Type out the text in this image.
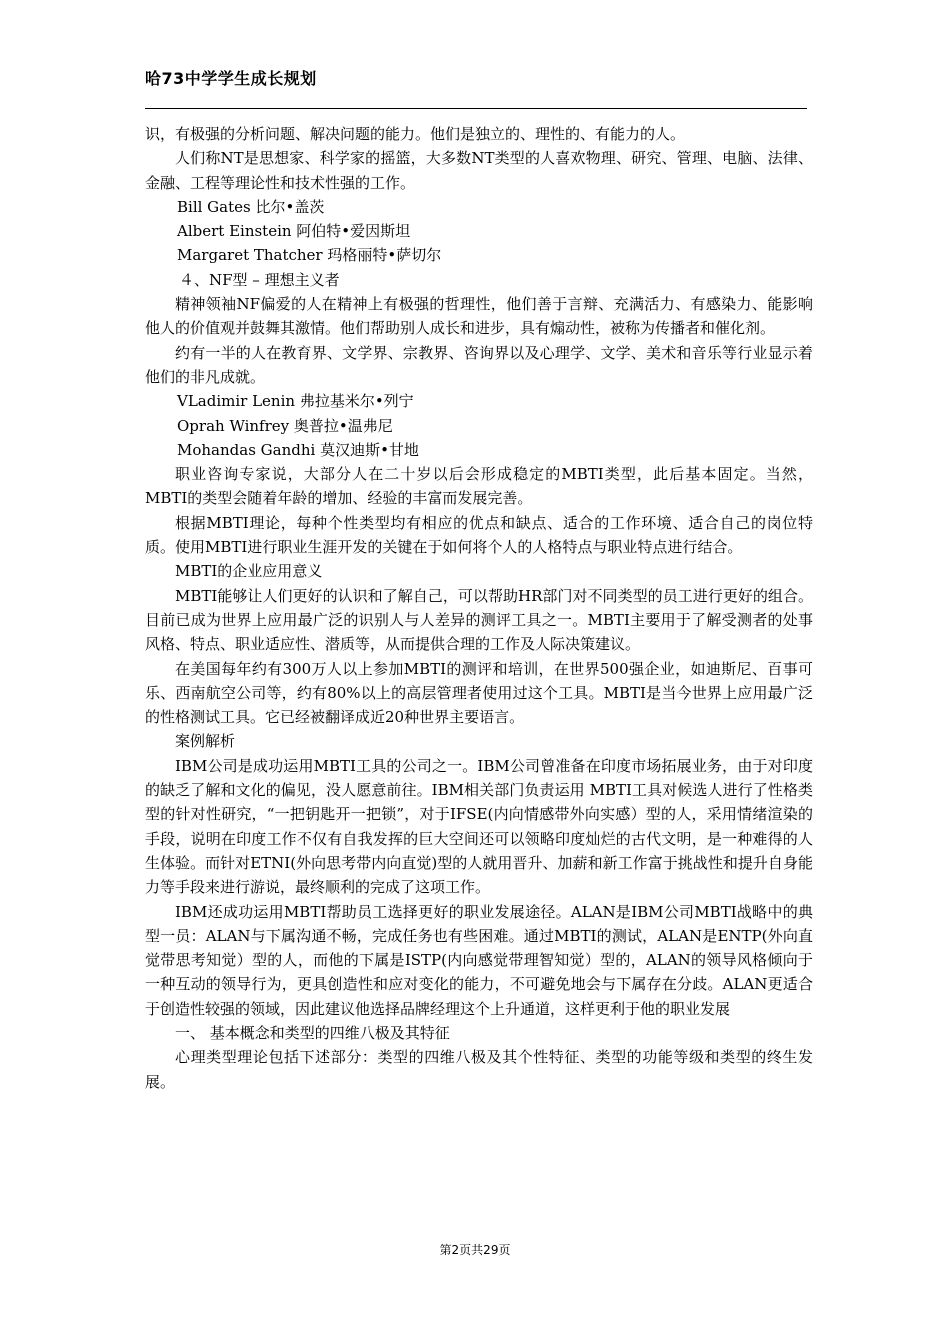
哈73中学学生成长规划

识，有极强的分析问题、解决问题的能力。他们是独立的、理性的、有能力的人。

人们称NT是思想家、科学家的摇篮，大多数NT类型的人喜欢物理、研究、管理、电脑、法律、金融、工程等理论性和技术性强的工作。

Bill Gates 比尔•盖茨

Albert Einstein 阿伯特•爱因斯坦

Margaret Thatcher 玛格丽特•萨切尔

４、NF型 – 理想主义者

精神领袖NF偏爱的人在精神上有极强的哲理性，他们善于言辩、充满活力、有感染力、能影响他人的价值观并鼓舞其激情。他们帮助别人成长和进步，具有煽动性，被称为传播者和催化剂。

约有一半的人在教育界、文学界、宗教界、咨询界以及心理学、文学、美术和音乐等行业显示着他们的非凡成就。

VLadimir Lenin 弗拉基米尔•列宁

Oprah Winfrey 奥普拉•温弗尼

Mohandas Gandhi 莫汉迪斯•甘地

职业咨询专家说，大部分人在二十岁以后会形成稳定的MBTI类型，此后基本固定。当然，MBTI的类型会随着年龄的增加、经验的丰富而发展完善。

根据MBTI理论，每种个性类型均有相应的优点和缺点、适合的工作环境、适合自己的岗位特质。使用MBTI进行职业生涯开发的关键在于如何将个人的人格特点与职业特点进行结合。

MBTI的企业应用意义

MBTI能够让人们更好的认识和了解自己，可以帮助HR部门对不同类型的员工进行更好的组合。目前已成为世界上应用最广泛的识别人与人差异的测评工具之一。MBTI主要用于了解受测者的处事风格、特点、职业适应性、潜质等，从而提供合理的工作及人际决策建议。

在美国每年约有300万人以上参加MBTI的测评和培训，在世界500强企业，如迪斯尼、百事可乐、西南航空公司等，约有80%以上的高层管理者使用过这个工具。MBTI是当今世界上应用最广泛的性格测试工具。它已经被翻译成近20种世界主要语言。

案例解析

IBM公司是成功运用MBTI工具的公司之一。IBM公司曾准备在印度市场拓展业务，由于对印度的缺乏了解和文化的偏见，没人愿意前往。IBM相关部门负责运用 MBTI工具对候选人进行了性格类型的针对性研究，“一把钥匙开一把锁”，对于IFSE(内向情感带外向实感）型的人，采用情绪渲染的手段，说明在印度工作不仅有自我发挥的巨大空间还可以领略印度灿烂的古代文明，是一种难得的人生体验。而针对ETNI(外向思考带内向直觉)型的人就用晋升、加薪和新工作富于挑战性和提升自身能力等手段来进行游说，最终顺利的完成了这项工作。

IBM还成功运用MBTI帮助员工选择更好的职业发展途径。ALAN是IBM公司MBTI战略中的典型一员：ALAN与下属沟通不畅，完成任务也有些困难。通过MBTI的测试，ALAN是ENTP(外向直觉带思考知觉）型的人，而他的下属是ISTP(内向感觉带理智知觉）型的，ALAN的领导风格倾向于一种互动的领导行为，更具创造性和应对变化的能力，不可避免地会与下属存在分歧。ALAN更适合于创造性较强的领域，因此建议他选择品牌经理这个上升通道，这样更利于他的职业发展

一、 基本概念和类型的四维八极及其特征

心理类型理论包括下述部分：类型的四维八极及其个性特征、类型的功能等级和类型的终生发展。

第2页共29页
